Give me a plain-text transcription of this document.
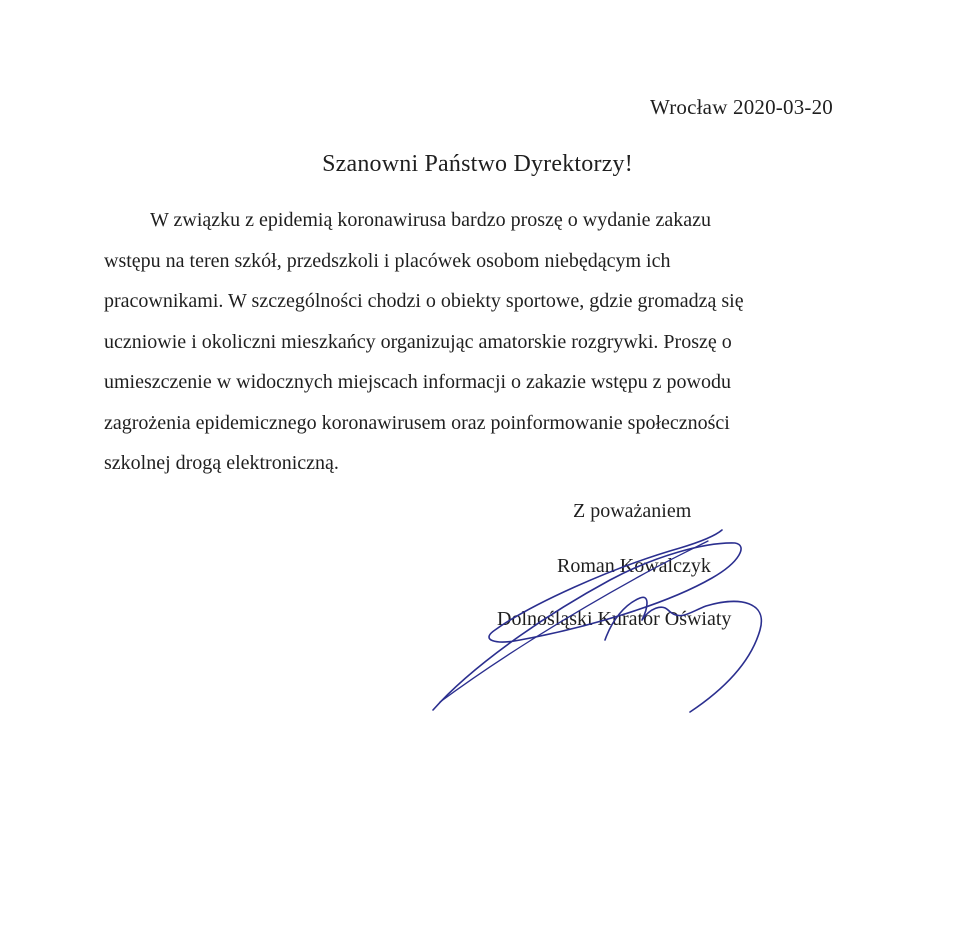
Wrocław 2020-03-20
Szanowni Państwo Dyrektorzy!
W związku z epidemią koronawirusa bardzo proszę o wydanie zakazu
wstępu na teren szkół, przedszkoli i placówek osobom niebędącym ich
pracownikami. W szczególności chodzi o obiekty sportowe, gdzie gromadzą się
uczniowie i okoliczni mieszkańcy organizując amatorskie rozgrywki. Proszę o
umieszczenie w widocznych miejscach informacji o zakazie wstępu z powodu
zagrożenia epidemicznego koronawirusem oraz poinformowanie społeczności
szkolnej drogą elektroniczną.
Z poważaniem
Roman Kowalczyk
Dolnośląski Kurator Oświaty
